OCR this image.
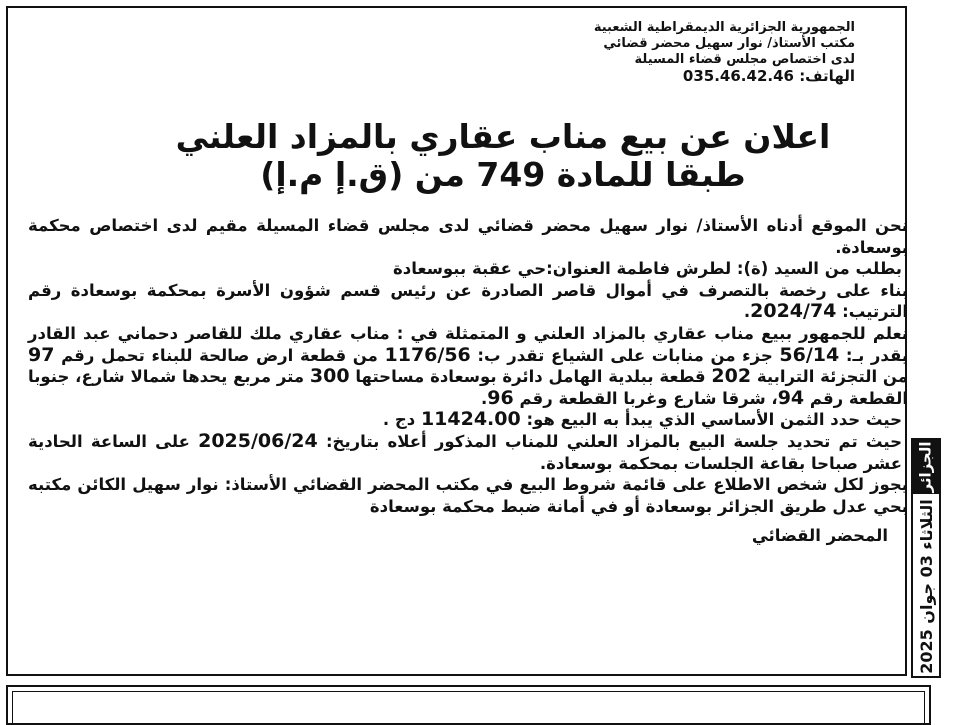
الجمهورية الجزائرية الديمقراطية الشعبية
مكتب الأستاذ/ نوار سهيل محضر قضائي
لدى اختصاص مجلس قضاء المسيلة
الهاتف: 035.46.42.46
اعلان عن بيع مناب عقاري بالمزاد العلني
طبقا للمادة 749 من (ق.إ م.إ)

نحن الموقع أدناه الأستاذ/ نوار سهيل محضر قضائي لدى مجلس قضاء المسيلة مقيم لدى اختصاص محكمة بوسعادة.

بطلب من السيد (ة): لطرش فاطمة العنوان:حي عقبة ببوسعادة

بناء على رخصة بالتصرف في أموال قاصر الصادرة عن رئيس قسم شؤون الأسرة بمحكمة بوسعادة رقم الترتيب: 2024/74.

نعلم للجمهور ببيع مناب عقاري بالمزاد العلني و المتمثلة في : مناب عقاري ملك للقاصر دحماني عبد القادر يقدر بـ: 56/14 جزء من منابات على الشياع تقدر ب: 1176/56 من قطعة ارض صالحة للبناء تحمل رقم 97 من التجزئة الترابية 202 قطعة ببلدية الهامل دائرة بوسعادة مساحتها 300 متر مربع يحدها شمالا شارع، جنوبا القطعة رقم 94، شرقا شارع وغربا القطعة رقم 96.

حيث حدد الثمن الأساسي الذي يبدأ به البيع هو: 11424.00 دج .

حيث تم تحديد جلسة البيع بالمزاد العلني للمناب المذكور أعلاه بتاريخ: 2025/06/24 على الساعة الحادية عشر صباحا بقاعة الجلسات بمحكمة بوسعادة.

يجوز لكل شخص الاطلاع على قائمة شروط البيع في مكتب المحضر القضائي الأستاذ: نوار سهيل الكائن مكتبه بحي عدل طريق الجزائر بوسعادة أو في أمانة ضبط محكمة بوسعادة

المحضر القضائي

الجزائر
الثلاثاء 03 جوان 2025
